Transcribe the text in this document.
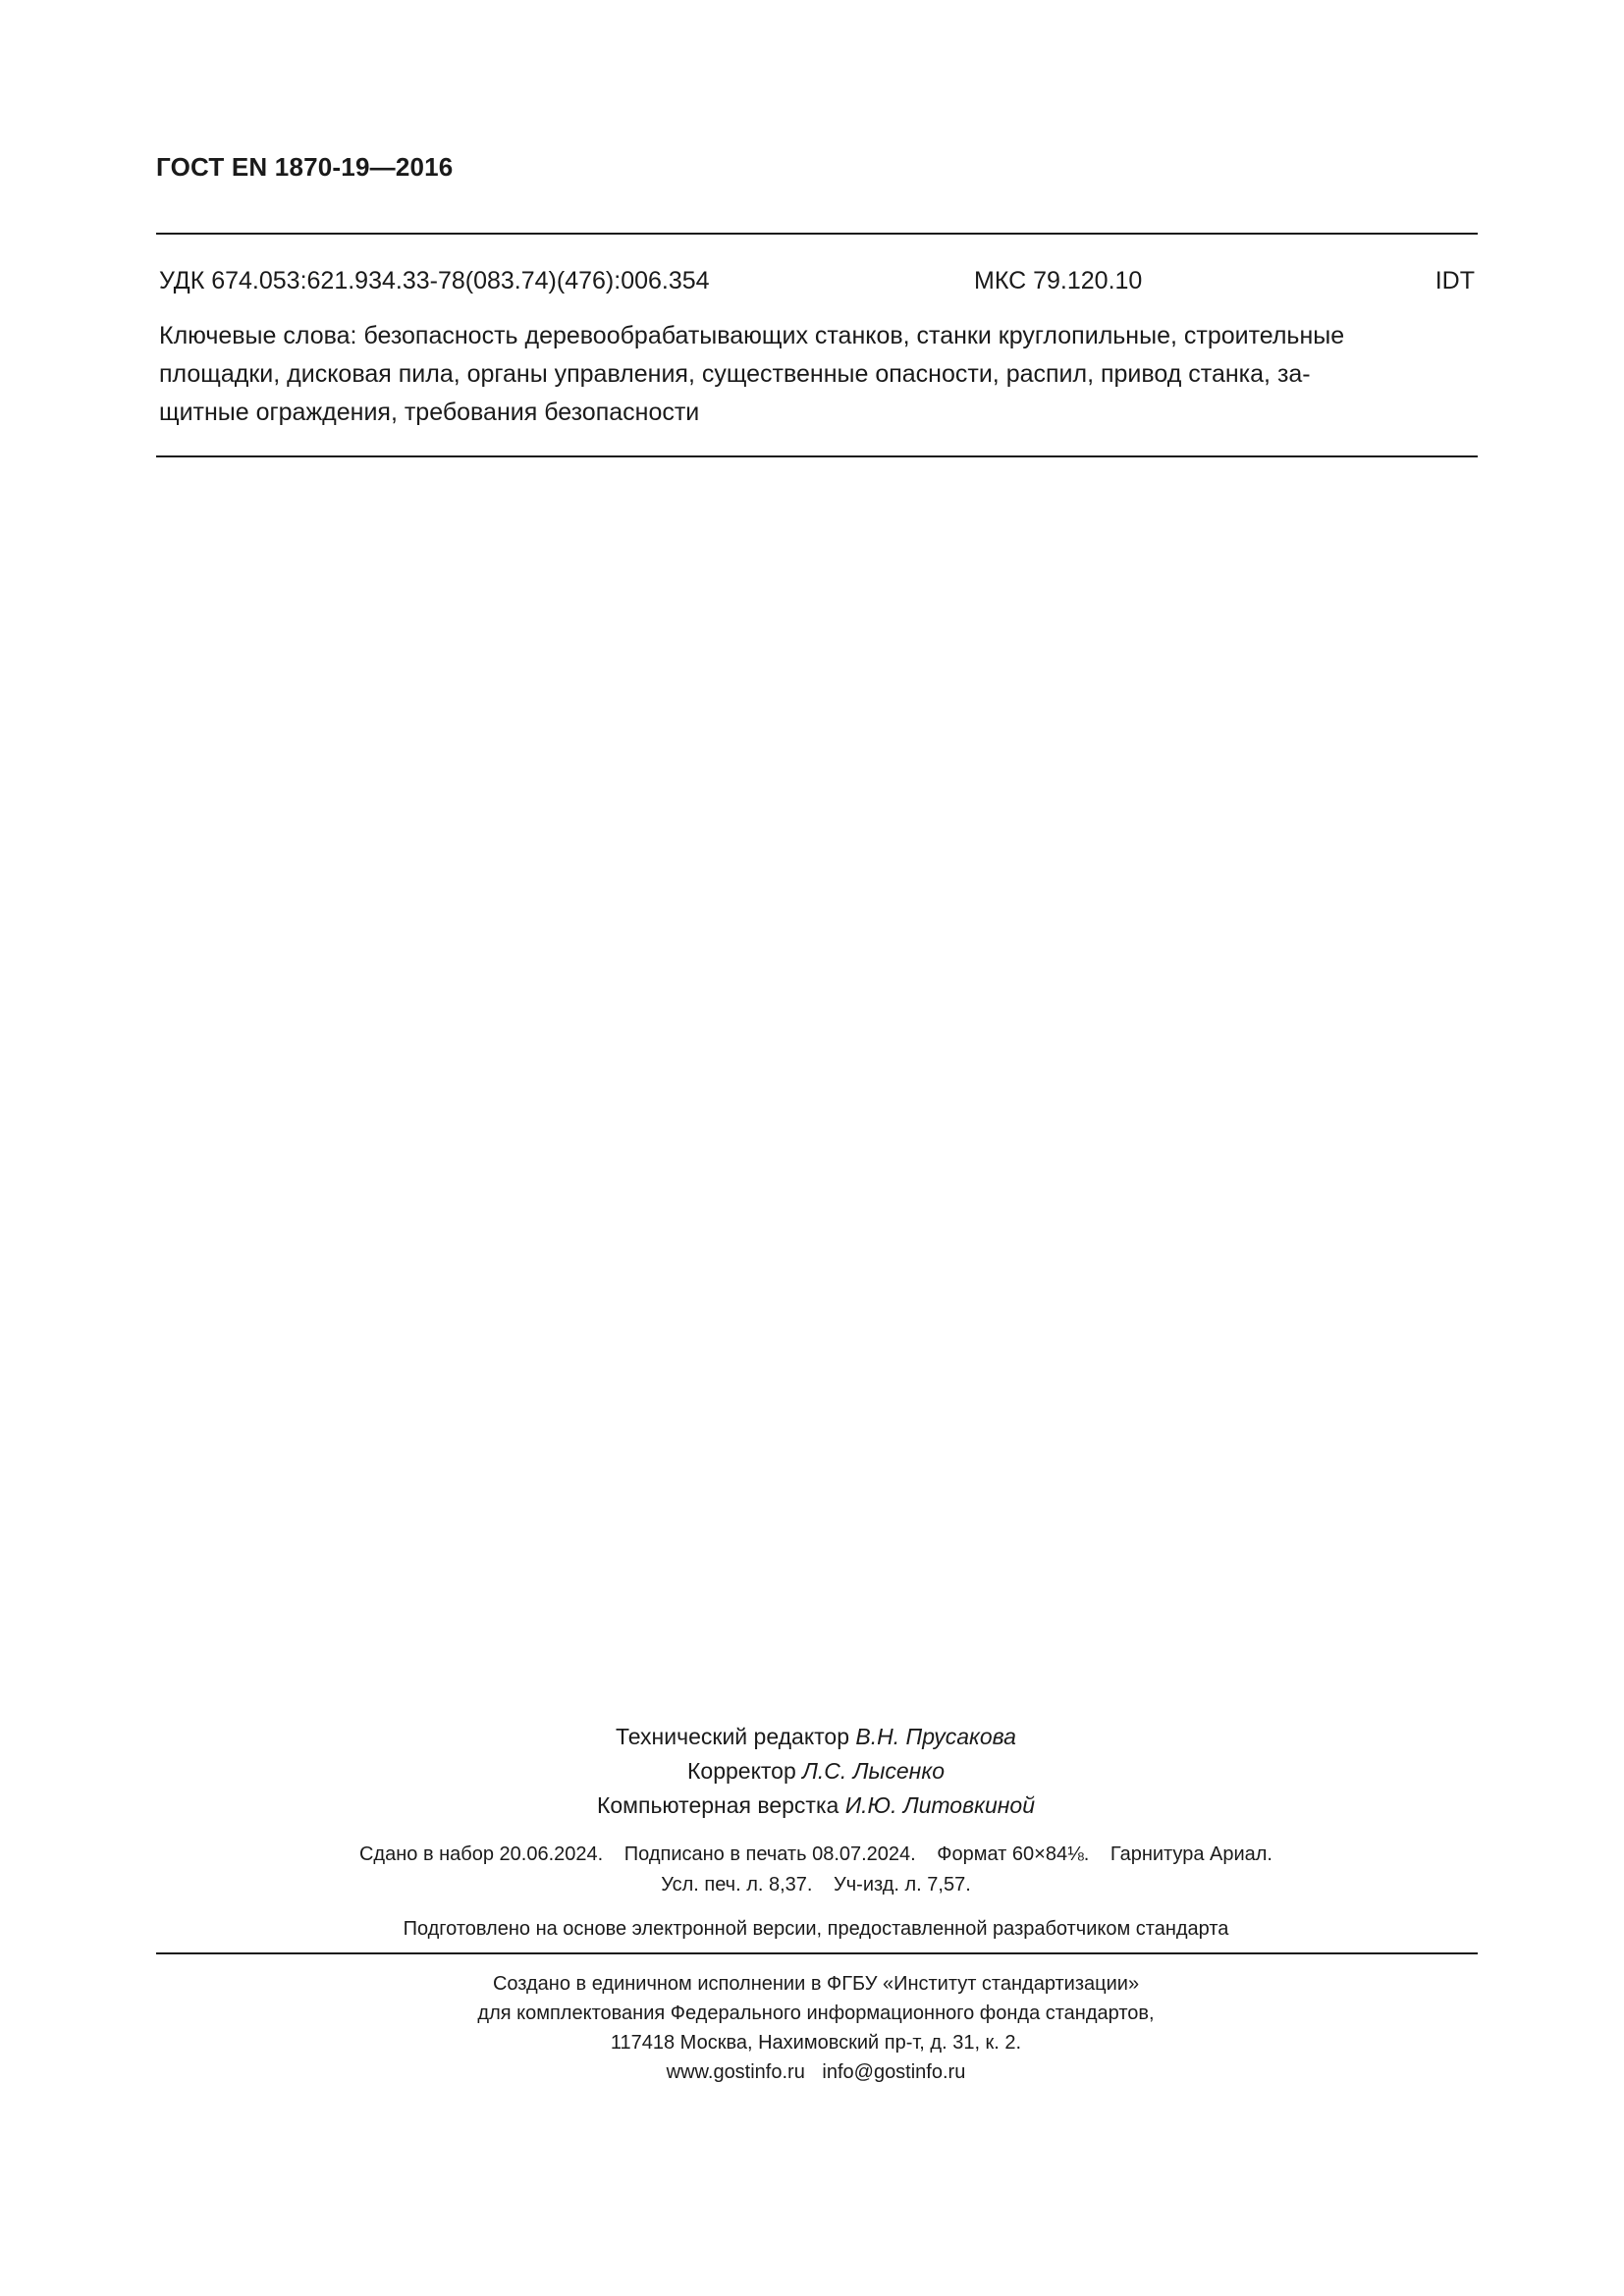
ГОСТ EN 1870-19—2016
УДК 674.053:621.934.33-78(083.74)(476):006.354	МКС 79.120.10	IDT
Ключевые слова: безопасность деревообрабатывающих станков, станки круглопильные, строительные
площадки, дисковая пила, органы управления, существенные опасности, распил, привод станка, за-
щитные ограждения, требования безопасности
Технический редактор В.Н. Прусакова
Корректор Л.С. Лысенко
Компьютерная верстка И.Ю. Литовкиной
Сдано в набор 20.06.2024. Подписано в печать 08.07.2024. Формат 60×84⅛. Гарнитура Ариал.
Усл. печ. л. 8,37. Уч-изд. л. 7,57.
Подготовлено на основе электронной версии, предоставленной разработчиком стандарта
Создано в единичном исполнении в ФГБУ «Институт стандартизации»
для комплектования Федерального информационного фонда стандартов,
117418 Москва, Нахимовский пр-т, д. 31, к. 2.
www.gostinfo.ru info@gostinfo.ru
